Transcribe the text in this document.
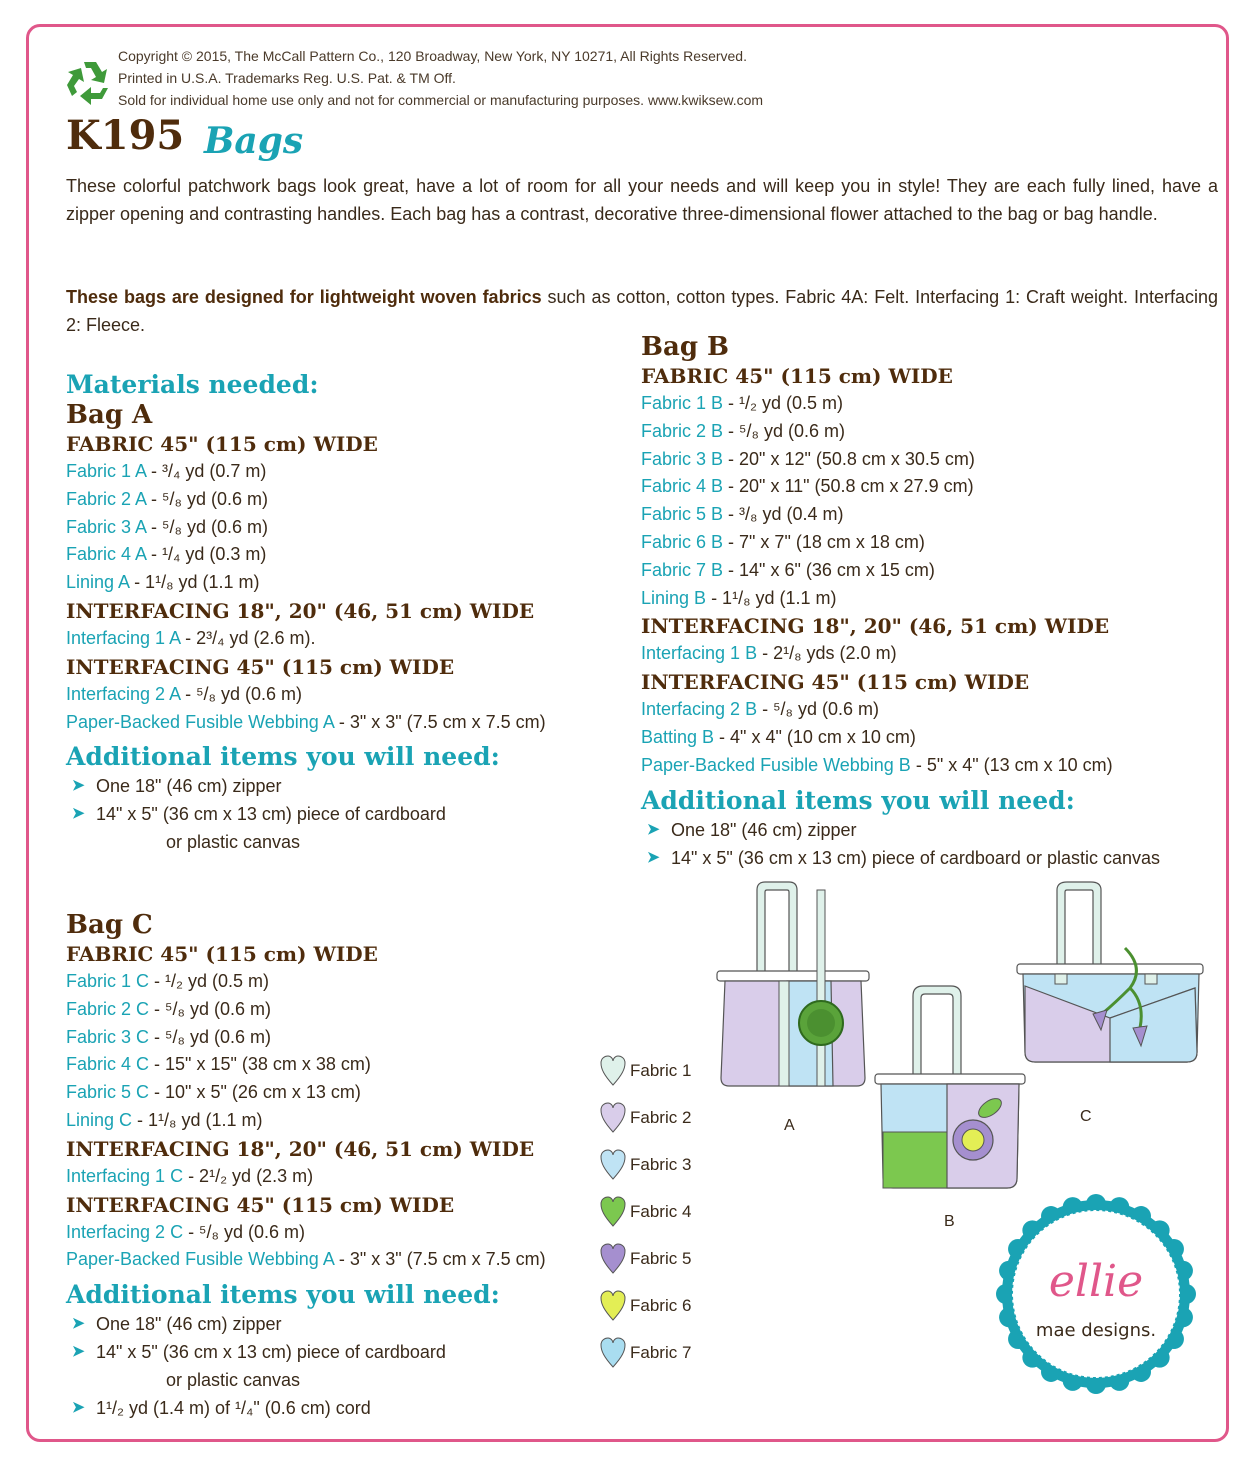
Copyright © 2015, The McCall Pattern Co., 120 Broadway, New York, NY 10271, All Rights Reserved.
Printed in U.S.A. Trademarks Reg. U.S. Pat. & TM Off.
Sold for individual home use only and not for commercial or manufacturing purposes. www.kwiksew.com
K195 Bags
These colorful patchwork bags look great, have a lot of room for all your needs and will keep you in style! They are each fully lined, have a zipper opening and contrasting handles. Each bag has a contrast, decorative three-dimensional flower attached to the bag or bag handle.
These bags are designed for lightweight woven fabrics such as cotton, cotton types. Fabric 4A: Felt. Interfacing 1: Craft weight. Interfacing 2: Fleece.
Materials needed:
Bag A
FABRIC 45" (115 cm) WIDE
Fabric 1 A - ³/₄ yd (0.7 m)
Fabric 2 A - ⁵/₈ yd (0.6 m)
Fabric 3 A - ⁵/₈ yd (0.6 m)
Fabric 4 A - ¹/₄ yd (0.3 m)
Lining A - 1¹/₈ yd (1.1 m)
INTERFACING 18", 20" (46, 51 cm) WIDE
Interfacing 1 A - 2³/₄ yd (2.6 m).
INTERFACING 45" (115 cm) WIDE
Interfacing 2 A - ⁵/₈ yd (0.6 m)
Paper-Backed Fusible Webbing A - 3" x 3" (7.5 cm x 7.5 cm)
Additional items you will need:
➤ One 18" (46 cm) zipper
➤ 14" x 5" (36 cm x 13 cm) piece of cardboard
or plastic canvas
Bag B
FABRIC 45" (115 cm) WIDE
Fabric 1 B - ¹/₂ yd (0.5 m)
Fabric 2 B - ⁵/₈ yd (0.6 m)
Fabric 3 B - 20" x 12" (50.8 cm x 30.5 cm)
Fabric 4 B - 20" x 11" (50.8 cm x 27.9 cm)
Fabric 5 B - ³/₈ yd (0.4 m)
Fabric 6 B - 7" x 7" (18 cm x 18 cm)
Fabric 7 B - 14" x 6" (36 cm x 15 cm)
Lining B - 1¹/₈ yd (1.1 m)
INTERFACING 18", 20" (46, 51 cm) WIDE
Interfacing 1 B - 2¹/₈ yds (2.0 m)
INTERFACING 45" (115 cm) WIDE
Interfacing 2 B - ⁵/₈ yd (0.6 m)
Batting B - 4" x 4" (10 cm x 10 cm)
Paper-Backed Fusible Webbing B - 5" x 4" (13 cm x 10 cm)
Additional items you will need:
➤ One 18" (46 cm) zipper
➤ 14" x 5" (36 cm x 13 cm) piece of cardboard or plastic canvas
Bag C
FABRIC 45" (115 cm) WIDE
Fabric 1 C - ¹/₂ yd (0.5 m)
Fabric 2 C - ⁵/₈ yd (0.6 m)
Fabric 3 C - ⁵/₈ yd (0.6 m)
Fabric 4 C - 15" x 15" (38 cm x 38 cm)
Fabric 5 C - 10" x 5" (26 cm x 13 cm)
Lining C - 1¹/₈ yd (1.1 m)
INTERFACING 18", 20" (46, 51 cm) WIDE
Interfacing 1 C - 2¹/₂ yd (2.3 m)
INTERFACING 45" (115 cm) WIDE
Interfacing 2 C - ⁵/₈ yd (0.6 m)
Paper-Backed Fusible Webbing A - 3" x 3" (7.5 cm x 7.5 cm)
Additional items you will need:
➤ One 18" (46 cm) zipper
➤ 14" x 5" (36 cm x 13 cm) piece of cardboard
or plastic canvas
➤ 1¹/₂ yd (1.4 m) of ¹/₄" (0.6 cm) cord
Fabric 1
Fabric 2
Fabric 3
Fabric 4
Fabric 5
Fabric 6
Fabric 7
A
B
C
ellie
mae designs.
